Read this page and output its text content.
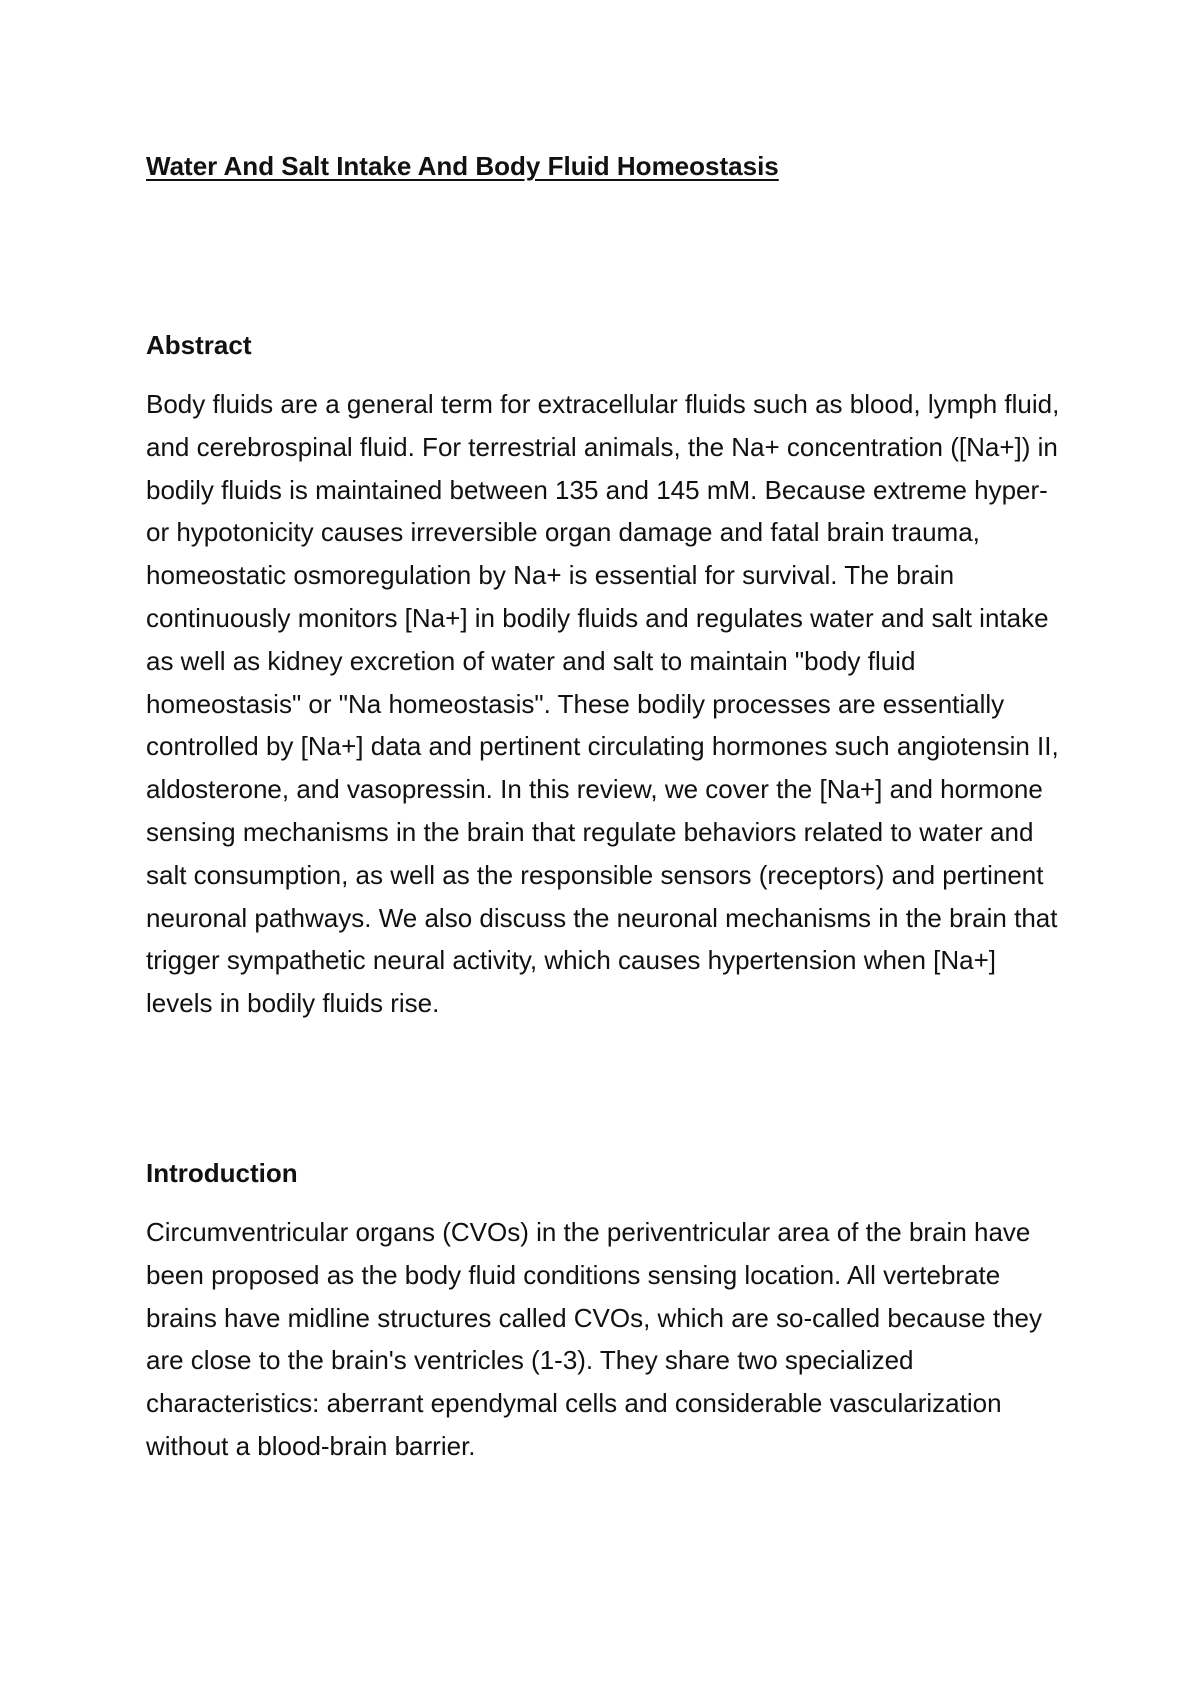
Water And Salt Intake And Body Fluid Homeostasis
Abstract

Body fluids are a general term for extracellular fluids such as blood, lymph fluid, and cerebrospinal fluid. For terrestrial animals, the Na+ concentration ([Na+]) in bodily fluids is maintained between 135 and 145 mM. Because extreme hyper- or hypotonicity causes irreversible organ damage and fatal brain trauma, homeostatic osmoregulation by Na+ is essential for survival. The brain continuously monitors [Na+] in bodily fluids and regulates water and salt intake as well as kidney excretion of water and salt to maintain "body fluid homeostasis" or "Na homeostasis". These bodily processes are essentially controlled by [Na+] data and pertinent circulating hormones such angiotensin II, aldosterone, and vasopressin. In this review, we cover the [Na+] and hormone sensing mechanisms in the brain that regulate behaviors related to water and salt consumption, as well as the responsible sensors (receptors) and pertinent neuronal pathways. We also discuss the neuronal mechanisms in the brain that trigger sympathetic neural activity, which causes hypertension when [Na+] levels in bodily fluids rise.

Introduction

Circumventricular organs (CVOs) in the periventricular area of the brain have been proposed as the body fluid conditions sensing location. All vertebrate brains have midline structures called CVOs, which are so-called because they are close to the brain's ventricles (1-3). They share two specialized characteristics: aberrant ependymal cells and considerable vascularization without a blood-brain barrier.
